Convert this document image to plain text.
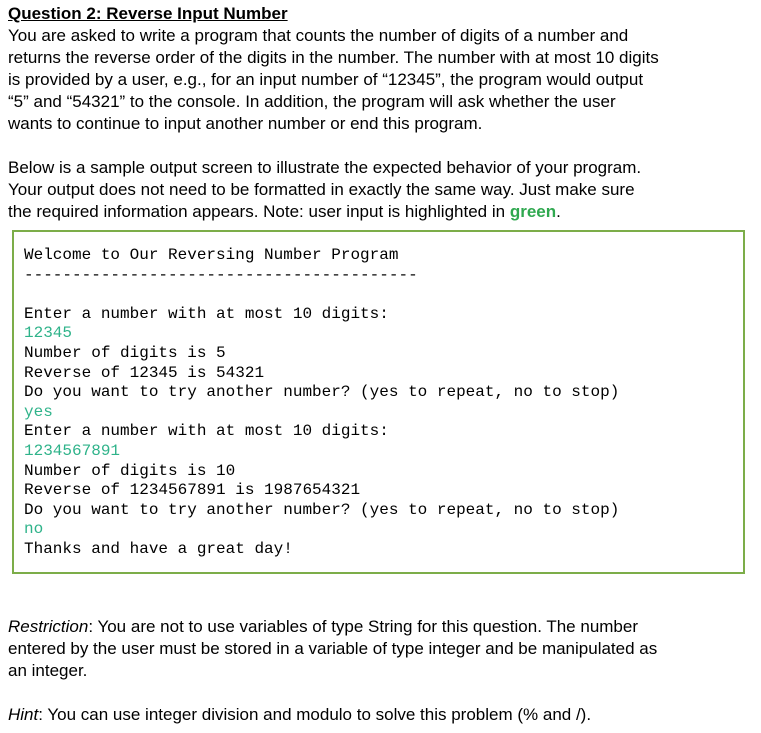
Question 2: Reverse Input Number

You are asked to write a program that counts the number of digits of a number and

returns the reverse order of the digits in the number. The number with at most 10 digits

is provided by a user, e.g., for an input number of “12345”, the program would output

“5” and “54321” to the console. In addition, the program will ask whether the user

wants to continue to input another number or end this program.

Below is a sample output screen to illustrate the expected behavior of your program.

Your output does not need to be formatted in exactly the same way. Just make sure

the required information appears. Note: user input is highlighted in green.

Welcome to Our Reversing Number Program
-----------------------------------------
Enter a number with at most 10 digits:
12345
Number of digits is 5
Reverse of 12345 is 54321
Do you want to try another number? (yes to repeat, no to stop)
yes
Enter a number with at most 10 digits:
1234567891
Number of digits is 10
Reverse of 1234567891 is 1987654321
Do you want to try another number? (yes to repeat, no to stop)
no
Thanks and have a great day!

Restriction: You are not to use variables of type String for this question. The number

entered by the user must be stored in a variable of type integer and be manipulated as

an integer.

Hint: You can use integer division and modulo to solve this problem (% and /).
